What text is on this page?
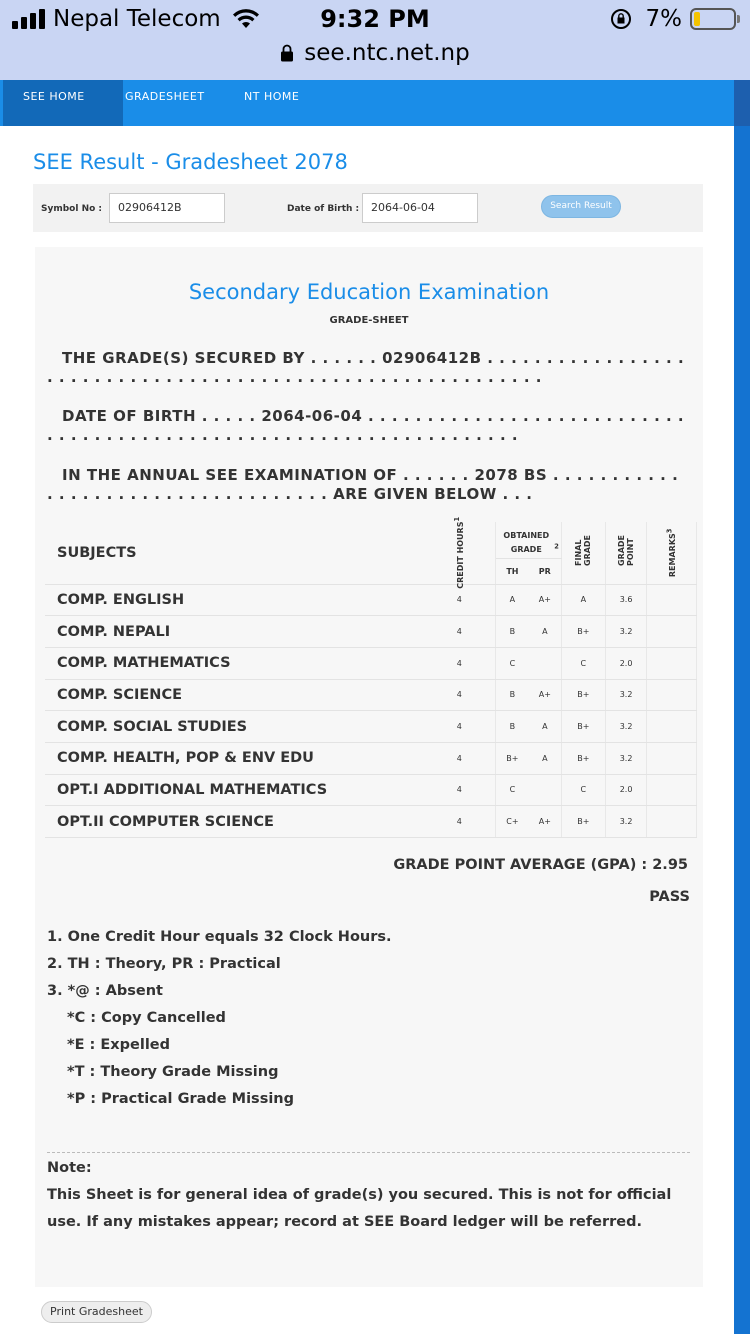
Nepal Telecom	9:32 PM	7%
see.ntc.net.np
SEE HOME	GRADESHEET	NT HOME
SEE Result - Gradesheet 2078
Symbol No :	02906412B	Date of Birth :	2064-06-04	Search Result
Secondary Education Examination
GRADE-SHEET
THE GRADE(S) SECURED BY . . . . . . 02906412B . . . . . . . . . . . . . . . . . . . . . . . . . . . . . . . . . . . . . . . . . . . . . . . . . . . . . . . . . . .
DATE OF BIRTH . . . . . 2064-06-04 . . . . . . . . . . . . . . . . . . . . . . . . . . . . . . . . . . . . . . . . . . . . . . . . . . . . . . . . . . . . . . . . . . .
IN THE ANNUAL SEE EXAMINATION OF . . . . . . 2078 BS . . . . . . . . . . . . . . . . . . . . . . . . . . . . . . . . . . . ARE GIVEN BELOW . . .
SUBJECTS	CREDIT HOURS$^1$	OBTAINED GRADE $^2$		FINAL GRADE	GRADE POINT	REMARKS$^3$
		TH	PR			
COMP. ENGLISH	4	A	A+	A	3.6	
COMP. NEPALI	4	B	A	B+	3.2	
COMP. MATHEMATICS	4	C		C	2.0	
COMP. SCIENCE	4	B	A+	B+	3.2	
COMP. SOCIAL STUDIES	4	B	A	B+	3.2	
COMP. HEALTH, POP & ENV EDU	4	B+	A	B+	3.2	
OPT.I ADDITIONAL MATHEMATICS	4	C		C	2.0	
OPT.II COMPUTER SCIENCE	4	C+	A+	B+	3.2	
GRADE POINT AVERAGE (GPA) : 2.95
PASS
1. One Credit Hour equals 32 Clock Hours.
2. TH : Theory, PR : Practical
3. *@ : Absent
*C : Copy Cancelled
*E : Expelled
*T : Theory Grade Missing
*P : Practical Grade Missing
Note:
This Sheet is for general idea of grade(s) you secured. This is not for official use. If any mistakes appear; record at SEE Board ledger will be referred.
Print Gradesheet
